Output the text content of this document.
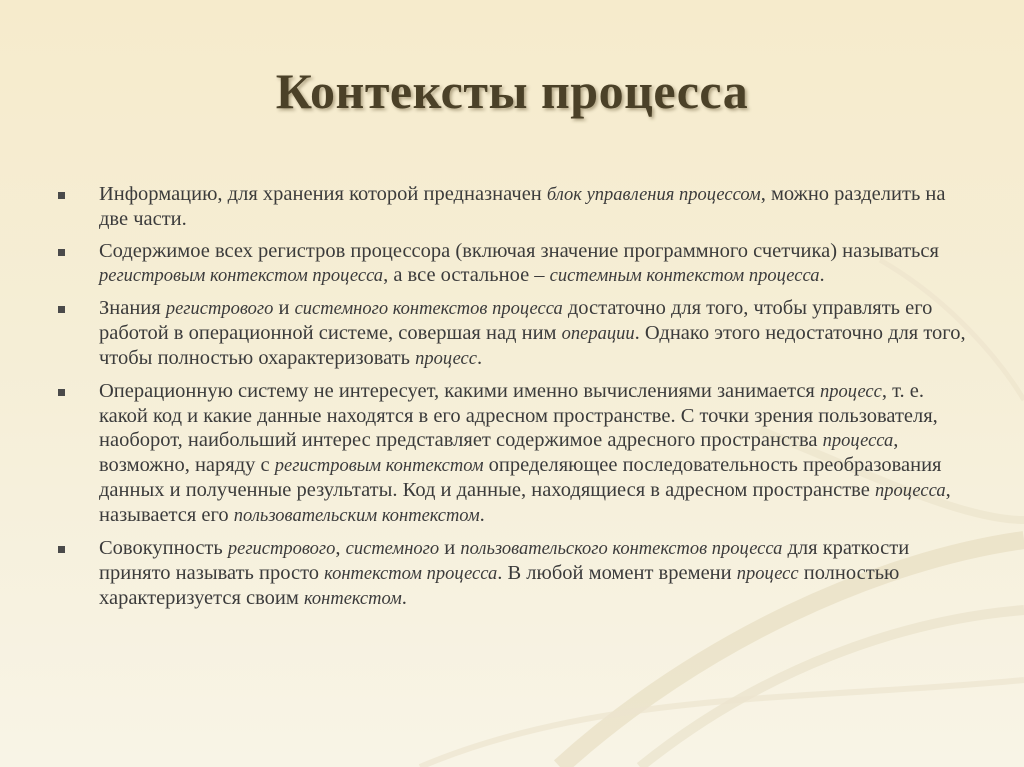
Контексты процесса
Информацию, для хранения которой предназначен блок управления процессом, можно разделить на две части.
Содержимое всех регистров процессора (включая значение программного счетчика) называться регистровым контекстом процесса, а все остальное – системным контекстом процесса.
Знания регистрового и системного контекстов процесса достаточно для того, чтобы управлять его работой в операционной системе, совершая над ним операции. Однако этого недостаточно для того, чтобы полностью охарактеризовать процесс.
Операционную систему не интересует, какими именно вычислениями занимается процесс, т. е. какой код и какие данные находятся в его адресном пространстве. С точки зрения пользователя, наоборот, наибольший интерес представляет содержимое адресного пространства процесса, возможно, наряду с регистровым контекстом определяющее последовательность преобразования данных и полученные результаты. Код и данные, находящиеся в адресном пространстве процесса, называется его пользовательским контекстом.
Совокупность регистрового, системного и пользовательского контекстов процесса для краткости принято называть просто контекстом процесса. В любой момент времени процесс полностью характеризуется своим контекстом.
